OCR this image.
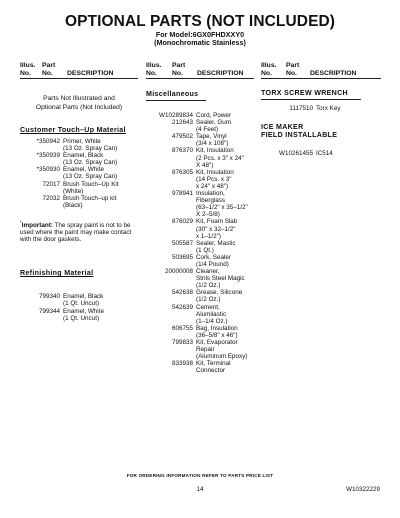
OPTIONAL PARTS (NOT INCLUDED)
For Model:6GX0FHDXXY0
(Monochromatic Stainless)
Illus.
No.
Part
No. DESCRIPTION
Parts Not Illustrated and
Optional Parts (Not Included)
Customer Touch–Up Material
*350942 Primer, White
(13 Oz. Spray Can)
*350939 Enamel, Black
(13 Oz. Spray Can)
*350930 Enamel, White
(13 Oz. Spray Can)
72017 Brush Touch–Up Kit
(White)
72032 Brush Touch–up kit
(Black)
*Important: The spray paint is not to be used where the paint may make contact with the door gaskets.
Refinishing Material
799340 Enamel, Black
(1 Qt. Uncut)
799344 Enamel, White
(1 Qt. Uncut)
Illus.
No.
Part
No. DESCRIPTION
Miscellaneous
W10289834 Cord, Power
212643 Sealer, Gum
(4 Feet)
479502 Tape, Vinyl
(3/4 x 108")
876370 Kit, Insulation
(2 Pcs. x 3" x 24"
X 48")
876305 Kit, Insulation
(14 Pcs. x 3"
x 24" x 48")
978941 Insulation,
Fiberglass
(63–1/2" x 35–1/2"
X 2–5/8)
876029 Kit, Foam Slab
(30" x 32–1/2"
x 1–1/2")
505587 Sealer, Mastic
(1 Qt.)
503695 Cork, Sealer
(1/4 Pound)
20000008 Cleaner,
Stnls Steel Magic
(1/2 Oz.)
542638 Grease, Silicone
(1/2 Oz.)
542639 Cement,
Alumilastic
(1–1/4 Oz.)
606755 Bag, Insulation
(36–5/8" x 46")
799833 Kit, Evaporator
Repair
(Aluminum Epoxy)
833938 Kit, Terminal
Connector
Illus.
No.
Part
No. DESCRIPTION
TORX SCREW WRENCH
1117510 Torx Key
ICE MAKER
FIELD INSTALLABLE
W10261455 IC514
FOR ORDERING INFORMATION REFER TO PARTS PRICE LIST
14	W10322229
